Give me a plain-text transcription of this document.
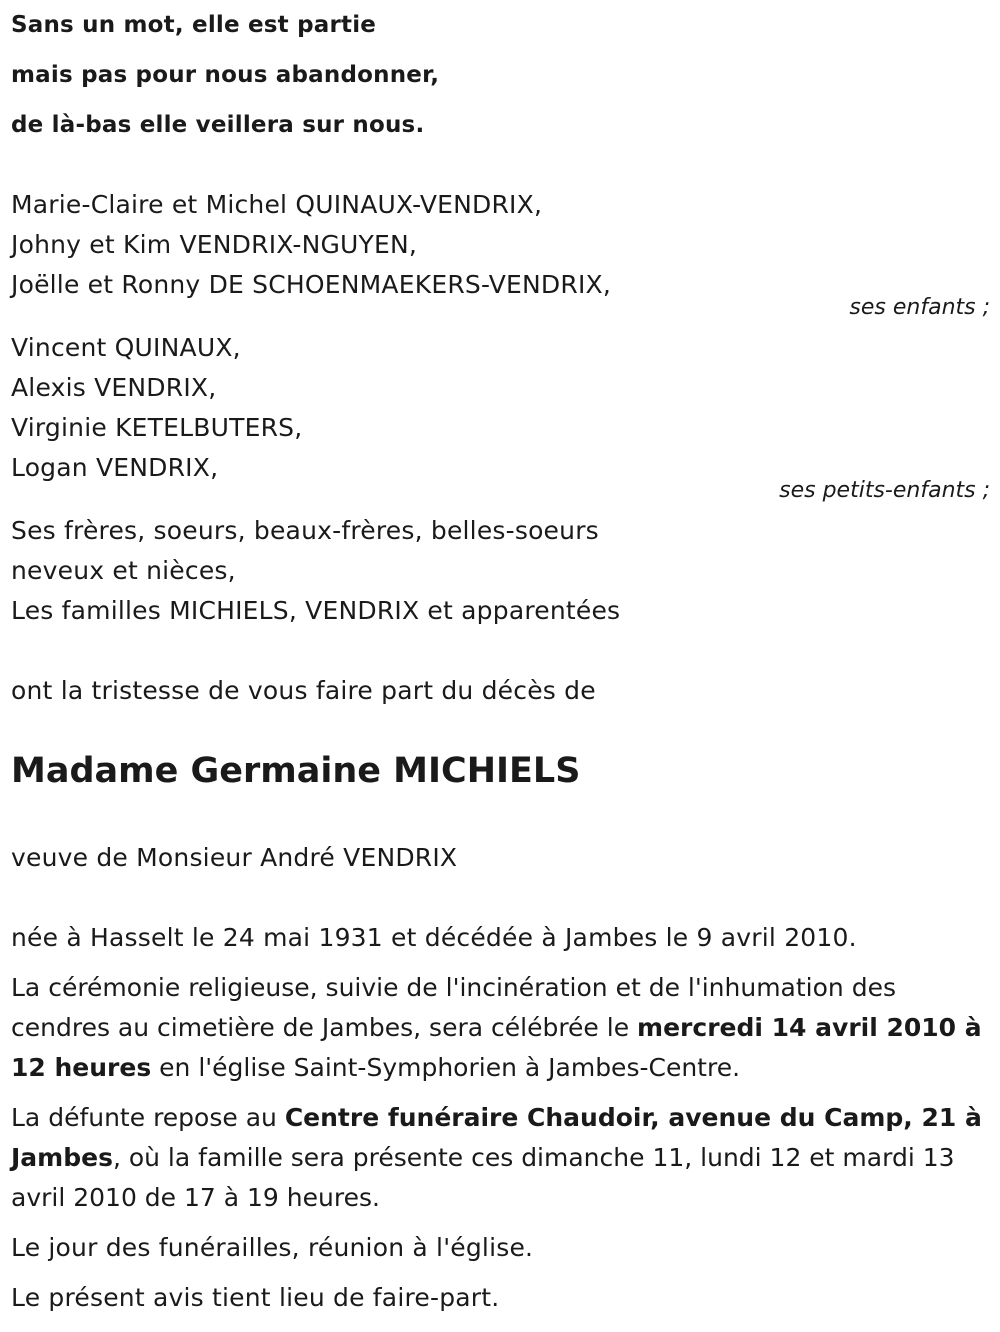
Sans un mot, elle est partie
mais pas pour nous abandonner,
de là-bas elle veillera sur nous.
Marie-Claire et Michel QUINAUX-VENDRIX,
Johny et Kim VENDRIX-NGUYEN,
Joëlle et Ronny DE SCHOENMAEKERS-VENDRIX,
ses enfants ;
Vincent QUINAUX,
Alexis VENDRIX,
Virginie KETELBUTERS,
Logan VENDRIX,
ses petits-enfants ;
Ses frères, soeurs, beaux-frères, belles-soeurs
neveux et nièces,
Les familles MICHIELS, VENDRIX et apparentées
ont la tristesse de vous faire part du décès de
Madame Germaine MICHIELS
veuve de Monsieur André VENDRIX
née à Hasselt le 24 mai 1931 et décédée à Jambes le 9 avril 2010.
La cérémonie religieuse, suivie de l'incinération et de l'inhumation des cendres au cimetière de Jambes, sera célébrée le mercredi 14 avril 2010 à 12 heures en l'église Saint-Symphorien à Jambes-Centre.
La défunte repose au Centre funéraire Chaudoir, avenue du Camp, 21 à Jambes, où la famille sera présente ces dimanche 11, lundi 12 et mardi 13 avril 2010 de 17 à 19 heures.
Le jour des funérailles, réunion à l'église.
Le présent avis tient lieu de faire-part.
